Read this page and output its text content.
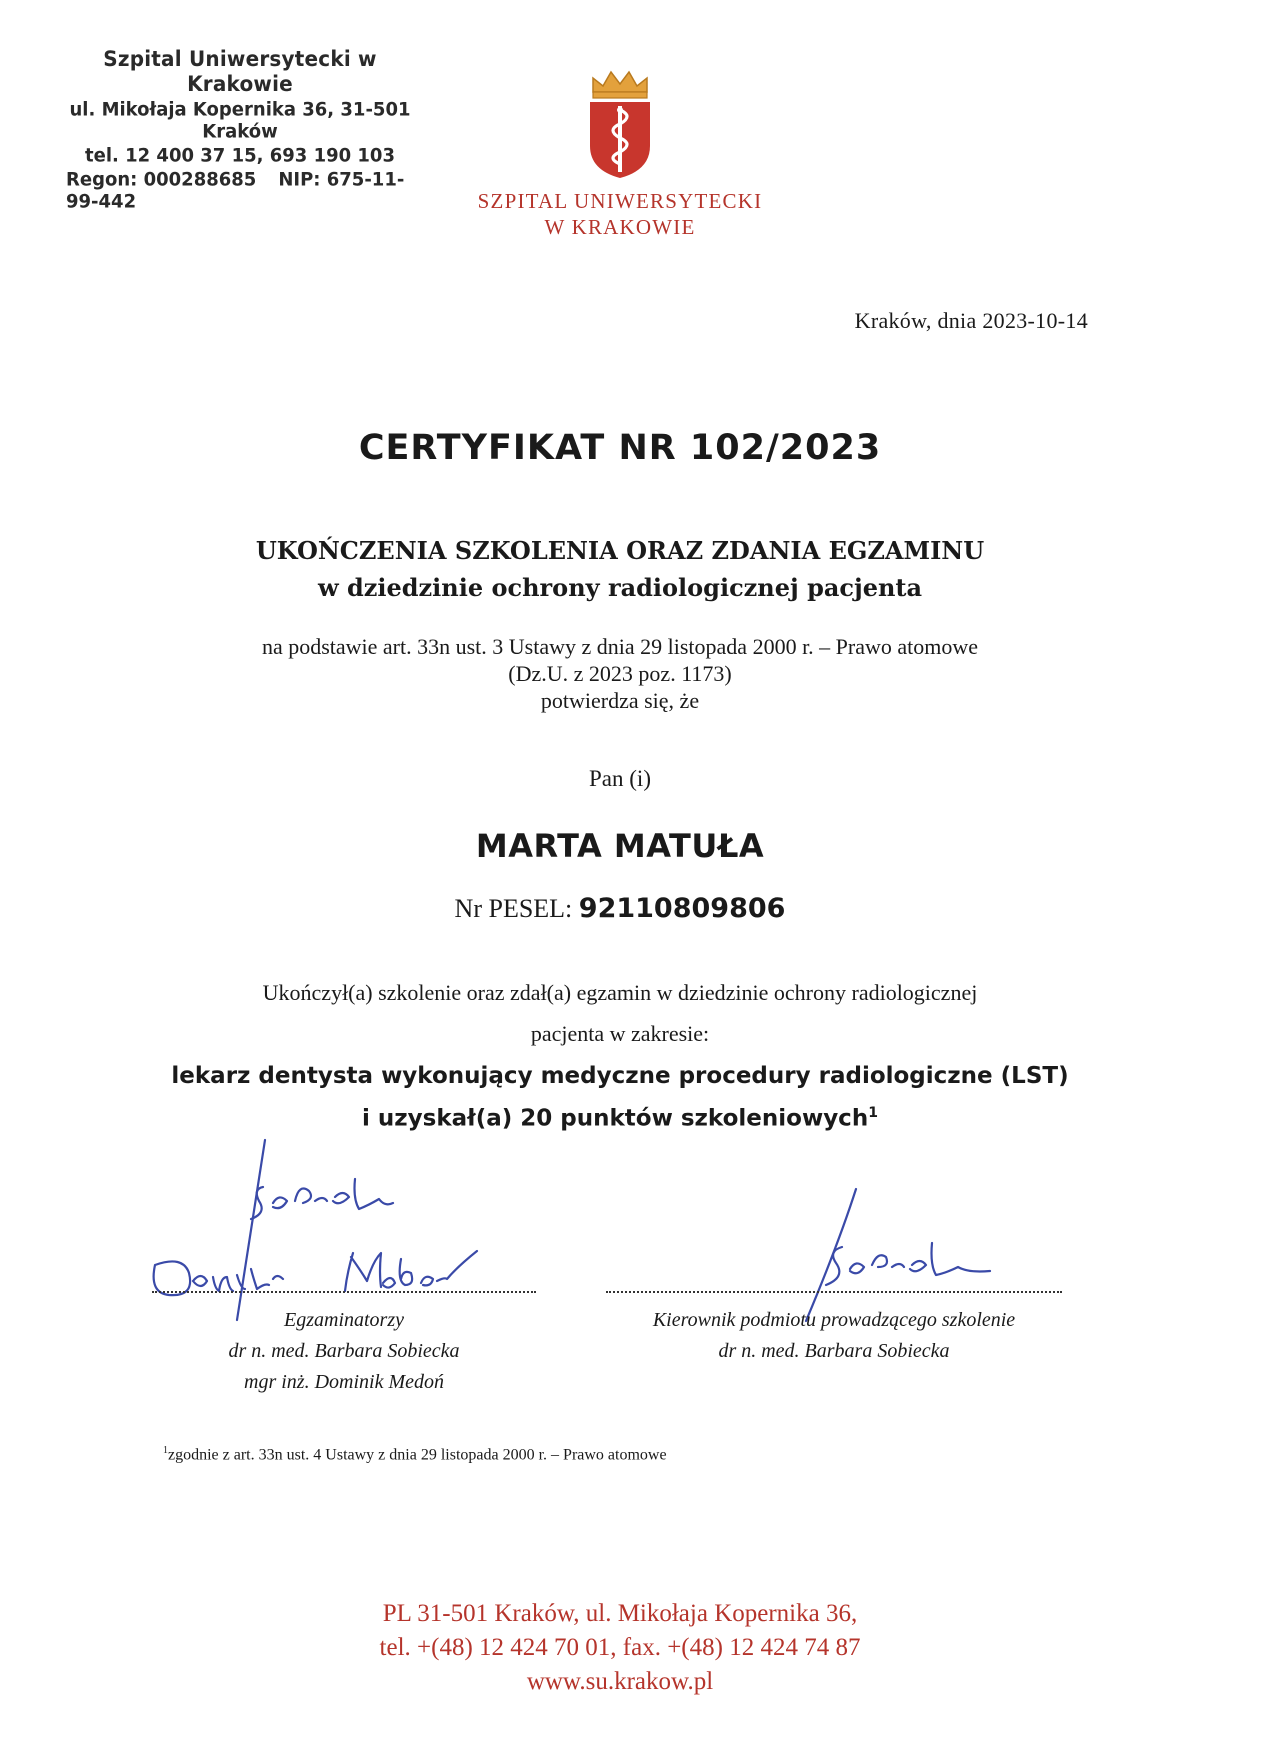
Szpital Uniwersytecki w Krakowie
ul. Mikołaja Kopernika 36, 31-501 Kraków
tel. 12 400 37 15, 693 190 103
Regon: 000288685 NIP: 675-11-99-442	SZPITAL UNIWERSYTECKI
W KRAKOWIE
Kraków, dnia 2023-10-14
CERTYFIKAT NR 102/2023
UKOŃCZENIA SZKOLENIA ORAZ ZDANIA EGZAMINU
w dziedzinie ochrony radiologicznej pacjenta
na podstawie art. 33n ust. 3 Ustawy z dnia 29 listopada 2000 r. – Prawo atomowe
(Dz.U. z 2023 poz. 1173)
potwierdza się, że
Pan (i)
MARTA MATUŁA
Nr PESEL: 92110809806
Ukończył(a) szkolenie oraz zdał(a) egzamin w dziedzinie ochrony radiologicznej
pacjenta w zakresie:
lekarz dentysta wykonujący medyczne procedury radiologiczne (LST)
i uzyskał(a) 20 punktów szkoleniowych$^1$
Egzaminatorzy
dr n. med. Barbara Sobiecka
mgr inż. Dominik Medoń
Kierownik podmiotu prowadzącego szkolenie
dr n. med. Barbara Sobiecka
$^1$zgodnie z art. 33n ust. 4 Ustawy z dnia 29 listopada 2000 r. – Prawo atomowe
PL 31-501 Kraków, ul. Mikołaja Kopernika 36,
tel. +(48) 12 424 70 01, fax. +(48) 12 424 74 87
www.su.krakow.pl
